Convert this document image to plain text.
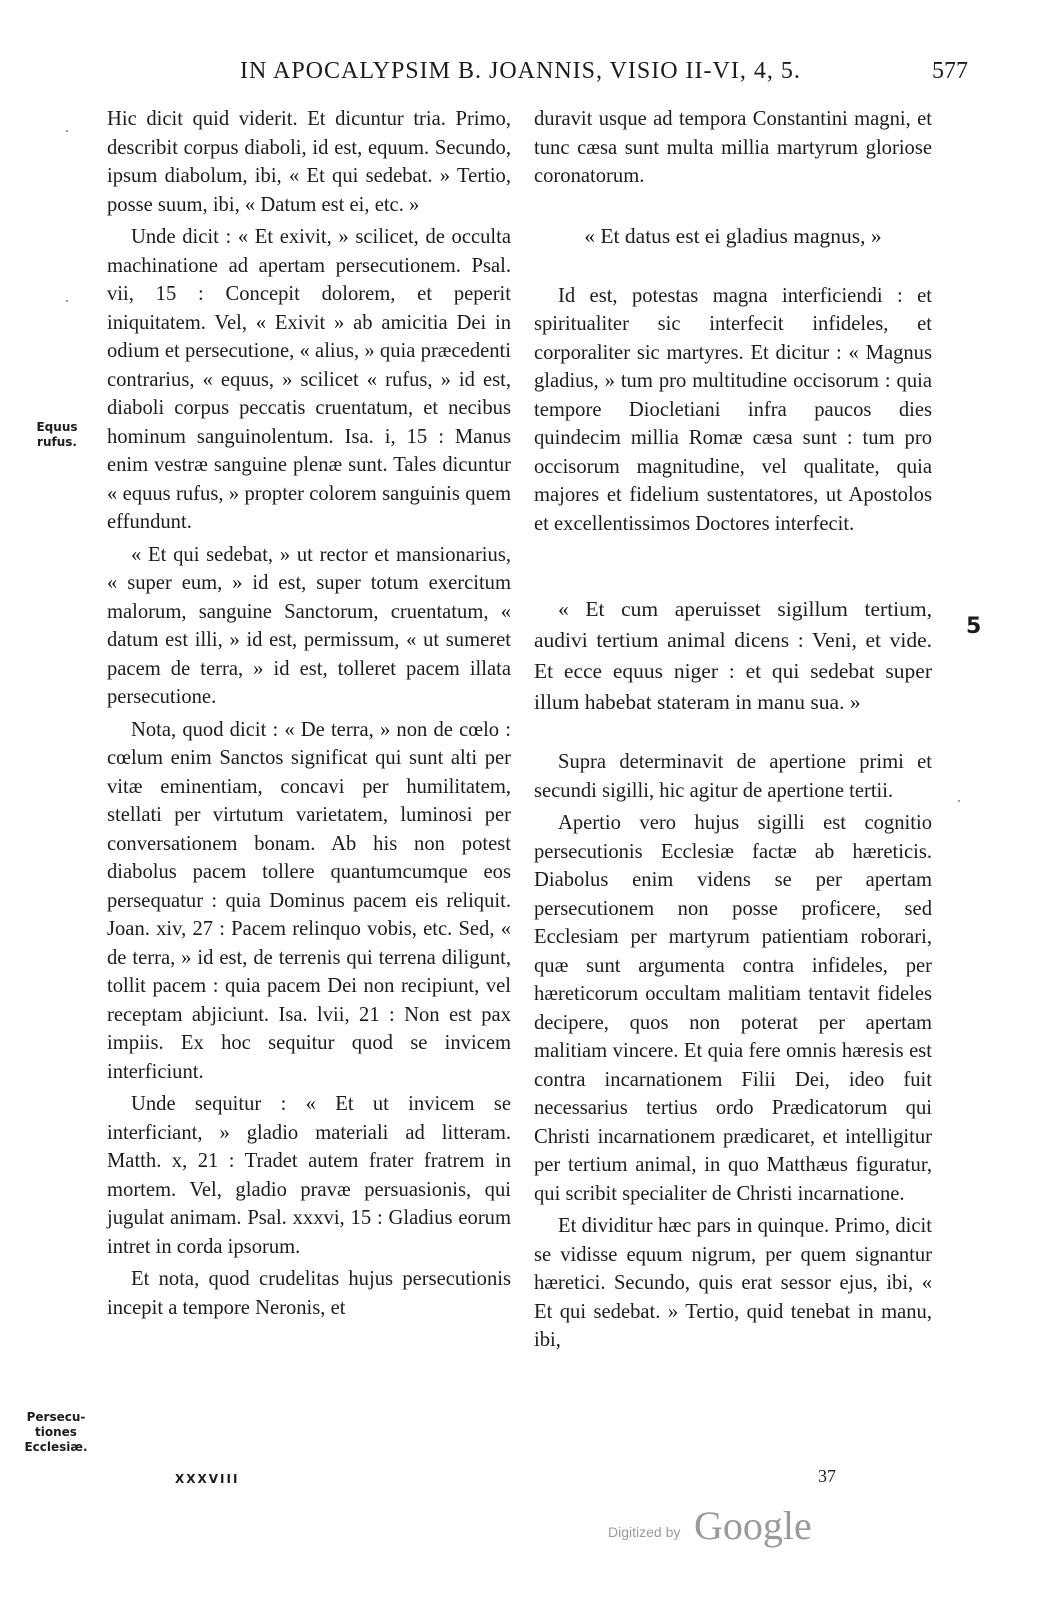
IN APOCALYPSIM B. JOANNIS, VISIO II-VI, 4, 5.	577
Equus rufus.
Persecu-tiones Ecclesiæ.
5

Hic dicit quid viderit. Et dicuntur tria. Primo, describit corpus diaboli, id est, equum. Secundo, ipsum diabolum, ibi, « Et qui sedebat. » Tertio, posse suum, ibi, « Datum est ei, etc. »

Unde dicit : « Et exivit, » scilicet, de occulta machinatione ad apertam persecutionem. Psal. vii, 15 : Concepit dolorem, et peperit iniquitatem. Vel, « Exivit » ab amicitia Dei in odium et persecutione, « alius, » quia præcedenti contrarius, « equus, » scilicet « rufus, » id est, diaboli corpus peccatis cruentatum, et necibus hominum sanguinolentum. Isa. i, 15 : Manus enim vestræ sanguine plenæ sunt. Tales dicuntur « equus rufus, » propter colorem sanguinis quem effundunt.

« Et qui sedebat, » ut rector et mansionarius, « super eum, » id est, super totum exercitum malorum, sanguine Sanctorum, cruentatum, « datum est illi, » id est, permissum, « ut sumeret pacem de terra, » id est, tolleret pacem illata persecutione.

Nota, quod dicit : « De terra, » non de cœlo : cœlum enim Sanctos significat qui sunt alti per vitæ eminentiam, concavi per humilitatem, stellati per virtutum varietatem, luminosi per conversationem bonam. Ab his non potest diabolus pacem tollere quantumcumque eos persequatur : quia Dominus pacem eis reliquit. Joan. xiv, 27 : Pacem relinquo vobis, etc. Sed, « de terra, » id est, de terrenis qui terrena diligunt, tollit pacem : quia pacem Dei non recipiunt, vel receptam abjiciunt. Isa. lvii, 21 : Non est pax impiis. Ex hoc sequitur quod se invicem interficiunt.

Unde sequitur : « Et ut invicem se interficiant, » gladio materiali ad litteram. Matth. x, 21 : Tradet autem frater fratrem in mortem. Vel, gladio pravæ persuasionis, qui jugulat animam. Psal. xxxvi, 15 : Gladius eorum intret in corda ipsorum.

Et nota, quod crudelitas hujus persecutionis incepit a tempore Neronis, et

duravit usque ad tempora Constantini magni, et tunc cæsa sunt multa millia martyrum gloriose coronatorum.

« Et datus est ei gladius magnus, »

Id est, potestas magna interficiendi : et spiritualiter sic interfecit infideles, et corporaliter sic martyres. Et dicitur : « Magnus gladius, » tum pro multitudine occisorum : quia tempore Diocletiani infra paucos dies quindecim millia Romæ cæsa sunt : tum pro occisorum magnitudine, vel qualitate, quia majores et fidelium sustentatores, ut Apostolos et excellentissimos Doctores interfecit.

« Et cum aperuisset sigillum tertium, audivi tertium animal dicens : Veni, et vide. Et ecce equus niger : et qui sedebat super illum habebat stateram in manu sua. »

Supra determinavit de apertione primi et secundi sigilli, hic agitur de apertione tertii.

Apertio vero hujus sigilli est cognitio persecutionis Ecclesiæ factæ ab hæreticis. Diabolus enim videns se per apertam persecutionem non posse proficere, sed Ecclesiam per martyrum patientiam roborari, quæ sunt argumenta contra infideles, per hæreticorum occultam malitiam tentavit fideles decipere, quos non poterat per apertam malitiam vincere. Et quia fere omnis hæresis est contra incarnationem Filii Dei, ideo fuit necessarius tertius ordo Prædicatorum qui Christi incarnationem prædicaret, et intelligitur per tertium animal, in quo Matthæus figuratur, qui scribit specialiter de Christi incarnatione.

Et dividitur hæc pars in quinque. Primo, dicit se vidisse equum nigrum, per quem signantur hæretici. Secundo, quis erat sessor ejus, ibi, « Et qui sedebat. » Tertio, quid tenebat in manu, ibi,

XXXVIII	37
Digitized by Google
